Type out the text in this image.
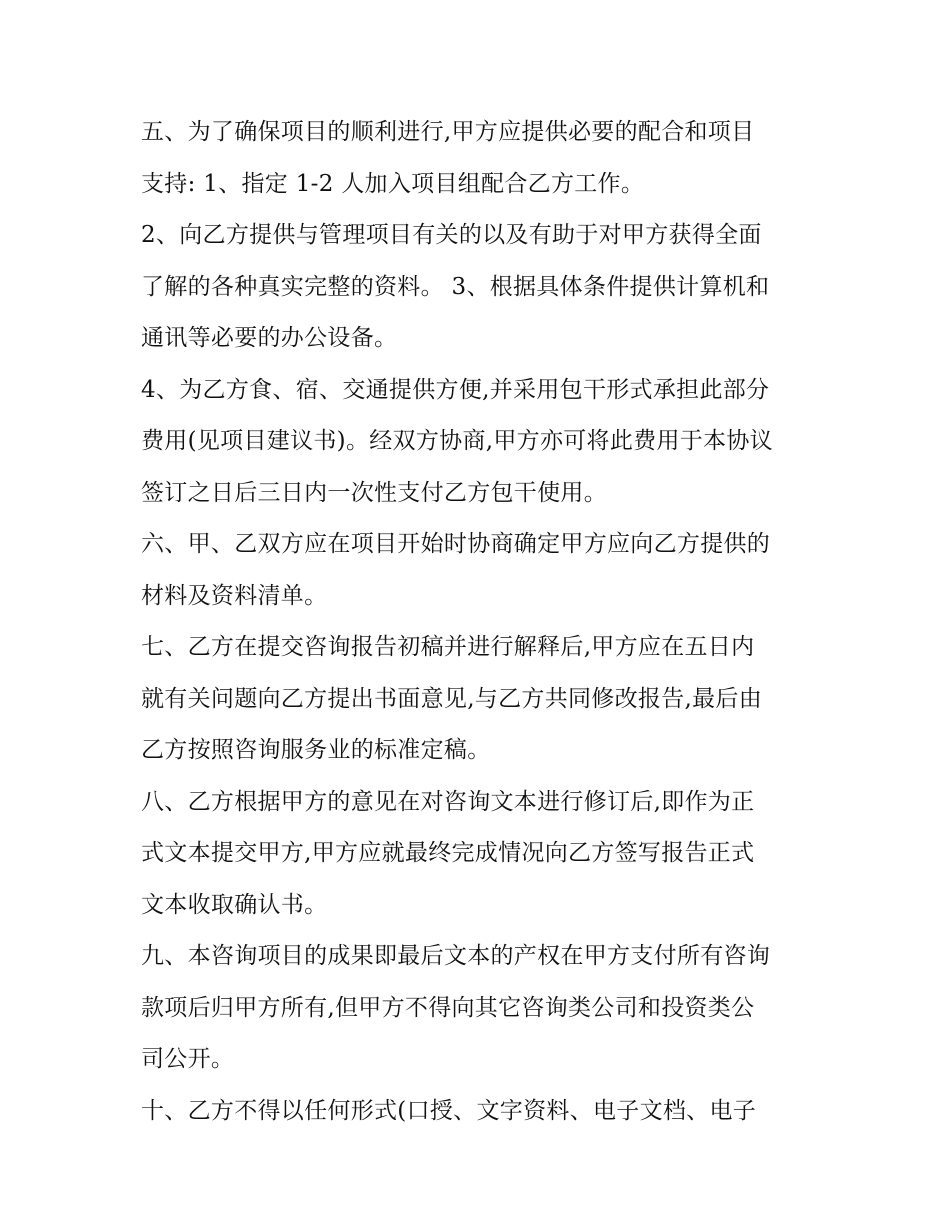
五、为了确保项目的顺利进行,甲方应提供必要的配合和项目
支持: 1、指定 1-2 人加入项目组配合乙方工作。
2、向乙方提供与管理项目有关的以及有助于对甲方获得全面
了解的各种真实完整的资料。 3、根据具体条件提供计算机和
通讯等必要的办公设备。
4、为乙方食、宿、交通提供方便,并采用包干形式承担此部分
费用(见项目建议书)。经双方协商,甲方亦可将此费用于本协议
签订之日后三日内一次性支付乙方包干使用。
六、甲、乙双方应在项目开始时协商确定甲方应向乙方提供的
材料及资料清单。
七、乙方在提交咨询报告初稿并进行解释后,甲方应在五日内
就有关问题向乙方提出书面意见,与乙方共同修改报告,最后由
乙方按照咨询服务业的标准定稿。
八、乙方根据甲方的意见在对咨询文本进行修订后,即作为正
式文本提交甲方,甲方应就最终完成情况向乙方签写报告正式
文本收取确认书。
九、本咨询项目的成果即最后文本的产权在甲方支付所有咨询
款项后归甲方所有,但甲方不得向其它咨询类公司和投资类公
司公开。
十、乙方不得以任何形式(口授、文字资料、电子文档、电子
